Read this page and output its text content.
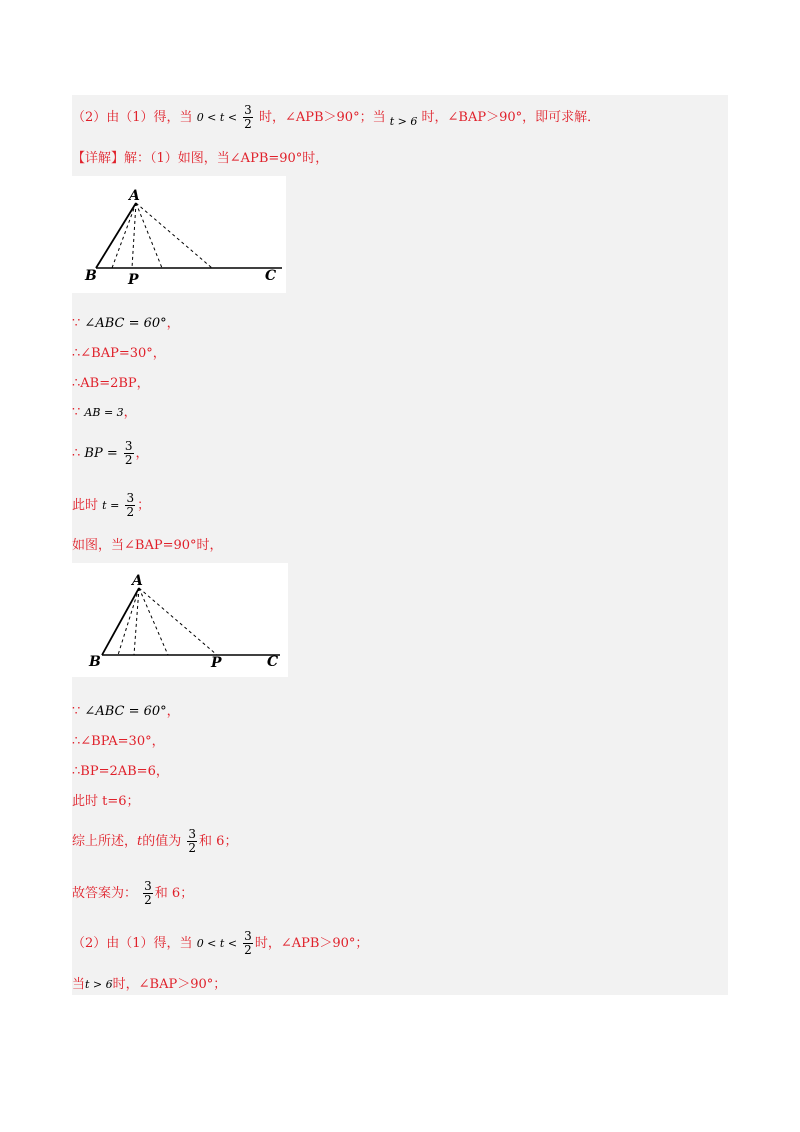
（2）由（1）得，当 $0 < t < \frac{3}{2}$ 时，∠APB＞90°；当 $_{t > 6}$ 时，∠BAP＞90°，即可求解．
【详解】解：（1）如图，当∠APB=90°时，
A
B P	C
∵ ∠ABC = 60°，
∴∠BAP=30°，
∴AB=2BP，
∵ AB = 3，
∴ BP = $\frac{3}{2}$ ，
此时 $t = \frac{3}{2}$ ；
如图，当∠BAP=90°时，
A
B	P	C
∵ ∠ABC = 60°，
∴∠BPA=30°，
∴BP=2AB=6，
此时 t=6；
综上所述，t的值为 $\frac{3}{2}$ 和 6；
故答案为： $\frac{3}{2}$ 和 6；
（2）由（1）得，当 $0 < t < \frac{3}{2}$ 时，∠APB＞90°；
当t > 6时，∠BAP＞90°；
